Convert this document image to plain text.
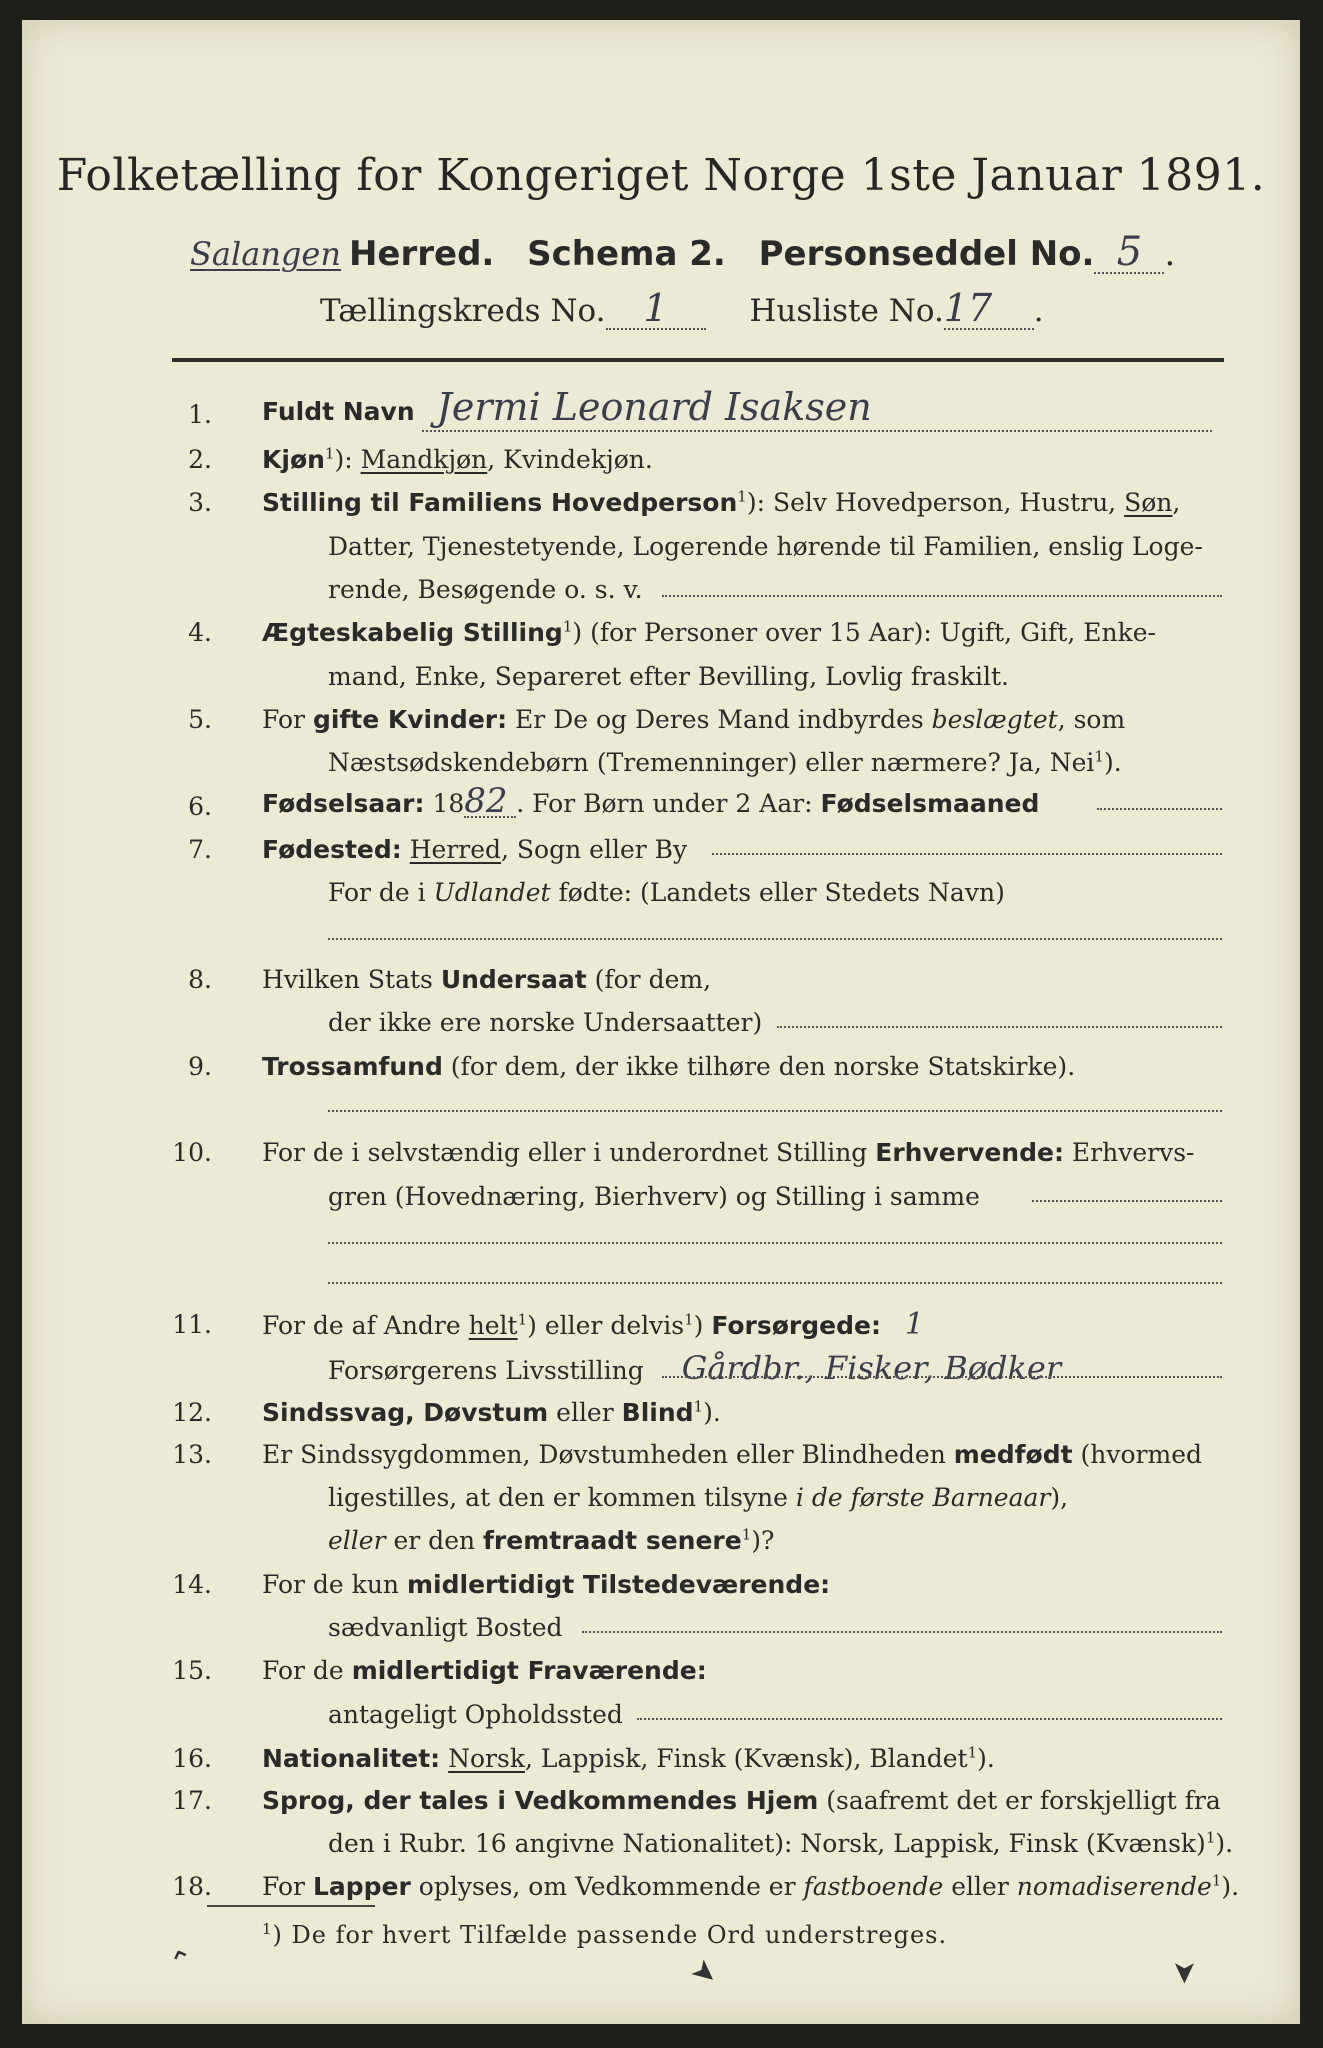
Folketælling for Kongeriget Norge 1ste Januar 1891.
Salangen Herred. Schema 2. Personseddel No. 5 .
Tællingskreds No. 1	Husliste No.17 .
1. Fuldt Navn Jermi Leonard Isaksen
2. Kjøn$^1$): Mandkjøn, Kvindekjøn.
3. Stilling til Familiens Hovedperson$^1$): Selv Hovedperson, Hustru, Søn,
Datter, Tjenestetyende, Logerende hørende til Familien, enslig Loge-
rende, Besøgende o. s. v.
4. Ægteskabelig Stilling$^1$) (for Personer over 15 Aar): Ugift, Gift, Enke-
mand, Enke, Separeret efter Bevilling, Lovlig fraskilt.
5. For gifte Kvinder: Er De og Deres Mand indbyrdes beslægtet, som
Næstsødskendebørn (Tremenninger) eller nærmere? Ja, Nei$^1$).
6. Fødselsaar: 1882 . For Børn under 2 Aar: Fødselsmaaned
7. Fødested: Herred, Sogn eller By
For de i Udlandet fødte: (Landets eller Stedets Navn)
8. Hvilken Stats Undersaat (for dem,
der ikke ere norske Undersaatter)
9. Trossamfund (for dem, der ikke tilhøre den norske Statskirke).
10. For de i selvstændig eller i underordnet Stilling Erhvervende: Erhvervs-
gren (Hovednæring, Bierhverv) og Stilling i samme
11. For de af Andre helt$^1$) eller delvis$^1$) Forsørgede: 1
Forsørgerens Livsstilling Gårdbr., Fisker, Bødker
12. Sindssvag, Døvstum eller Blind$^1$).
13. Er Sindssygdommen, Døvstumheden eller Blindheden medfødt (hvormed
ligestilles, at den er kommen tilsyne i de første Barneaar),
eller er den fremtraadt senere$^1$)?
14. For de kun midlertidigt Tilstedeværende:
sædvanligt Bosted
15. For de midlertidigt Fraværende:
antageligt Opholdssted
16. Nationalitet: Norsk, Lappisk, Finsk (Kvænsk), Blandet$^1$).
17. Sprog, der tales i Vedkommendes Hjem (saafremt det er forskjelligt fra
den i Rubr. 16 angivne Nationalitet): Norsk, Lappisk, Finsk (Kvænsk)$^1$).
18. For Lapper oplyses, om Vedkommende er fastboende eller nomadiserende$^1$).
$^1$) De for hvert Tilfælde passende Ord understreges.
⌃	➤	➤
